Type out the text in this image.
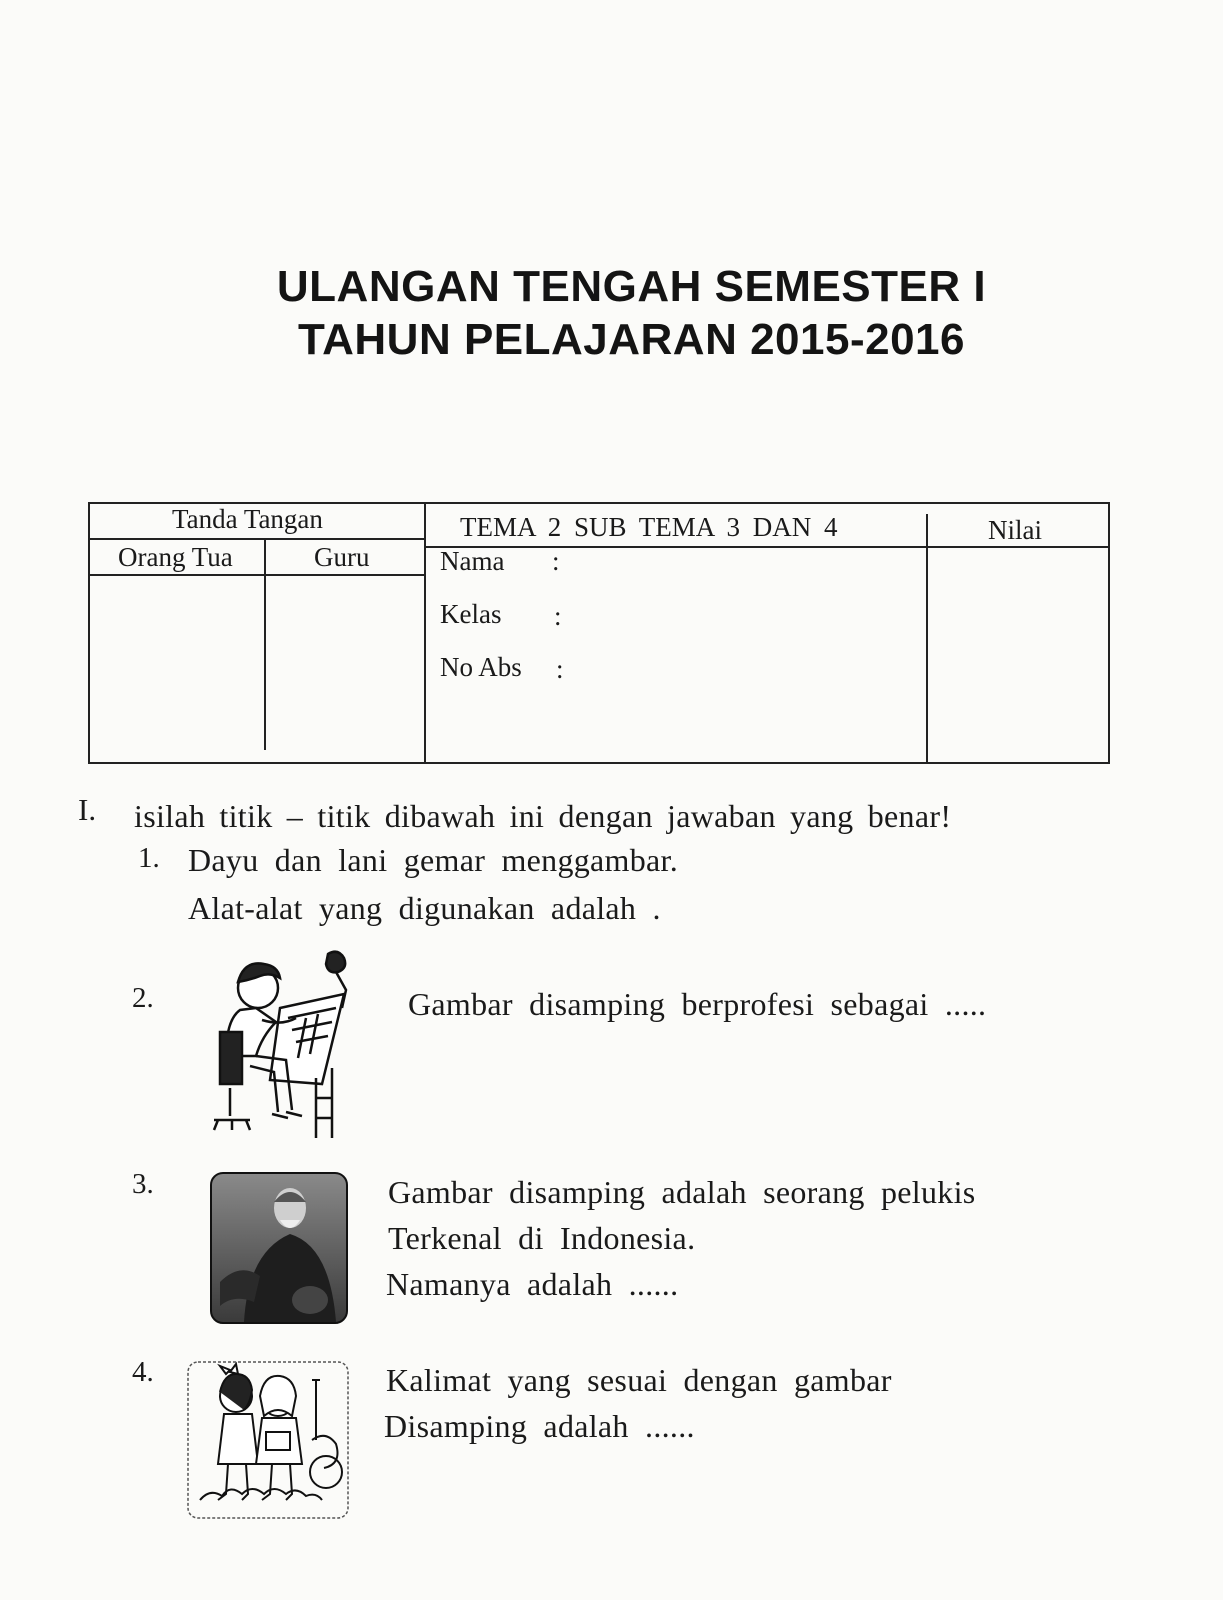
ULANGAN TENGAH SEMESTER I
TAHUN PELAJARAN 2015-2016
Tanda Tangan
Orang Tua	Guru
TEMA 2 SUB TEMA 3 DAN 4	Nilai
Nama :
Kelas :
No Abs :
I. isilah titik – titik dibawah ini dengan jawaban yang benar!
1. Dayu dan lani gemar menggambar.
Alat-alat yang digunakan adalah .
2.	Gambar disamping berprofesi sebagai .....
3.	Gambar disamping adalah seorang pelukis
Terkenal di Indonesia.
Namanya adalah ......
4.	Kalimat yang sesuai dengan gambar
Disamping adalah ......
